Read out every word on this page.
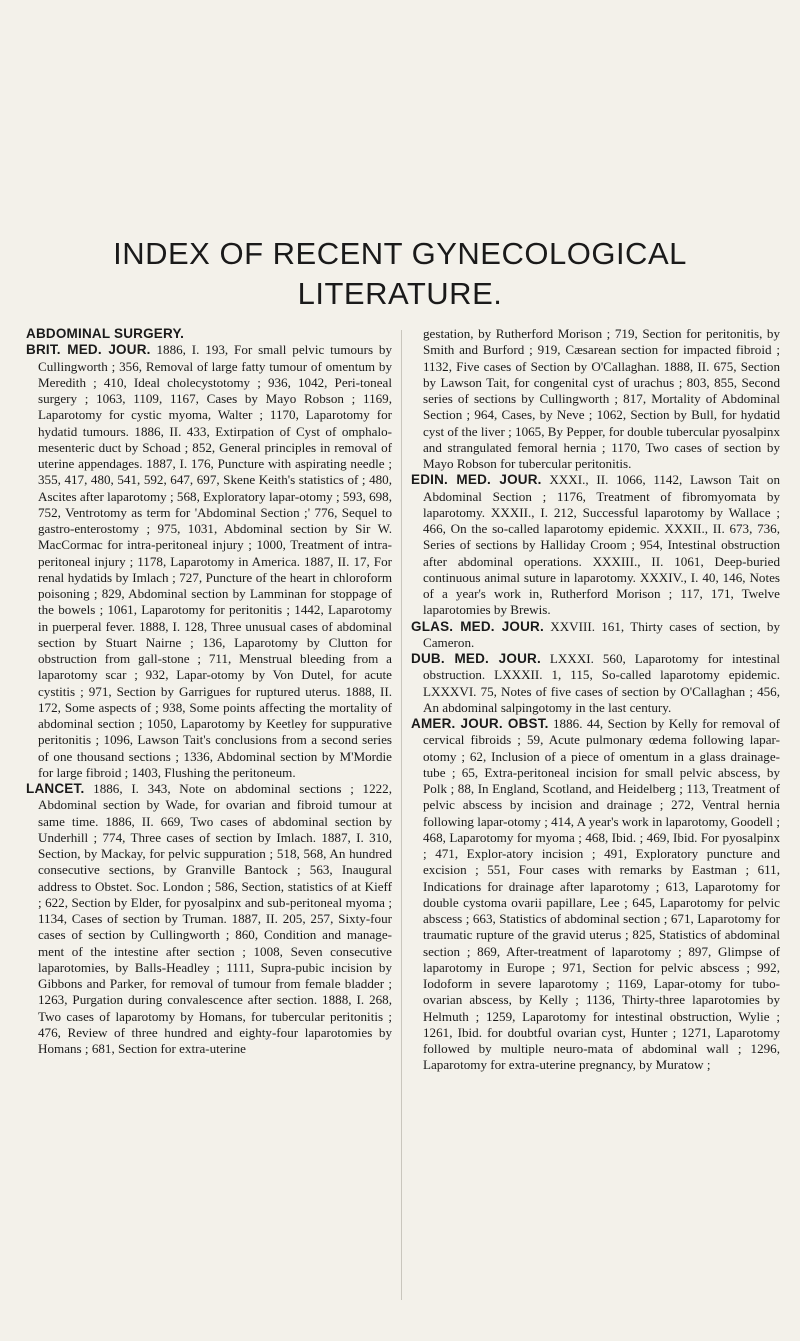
INDEX OF RECENT GYNECOLOGICAL
LITERATURE.

ABDOMINAL SURGERY.

BRIT. MED. JOUR. 1886, I. 193, For small pelvic tumours by Cullingworth ; 356, Removal of large fatty tumour of omentum by Meredith ; 410, Ideal cholecystotomy ; 936, 1042, Peri-toneal surgery ; 1063, 1109, 1167, Cases by Mayo Robson ; 1169, Laparotomy for cystic myoma, Walter ; 1170, Laparotomy for hydatid tumours. 1886, II. 433, Extirpation of Cyst of omphalo-mesenteric duct by Schoad ; 852, General principles in removal of uterine appendages. 1887, I. 176, Puncture with aspirating needle ; 355, 417, 480, 541, 592, 647, 697, Skene Keith's statistics of ; 480, Ascites after laparotomy ; 568, Exploratory lapar-otomy ; 593, 698, 752, Ventrotomy as term for 'Abdominal Section ;' 776, Sequel to gastro-enterostomy ; 975, 1031, Abdominal section by Sir W. MacCormac for intra-peritoneal injury ; 1000, Treatment of intra-peritoneal injury ; 1178, Laparotomy in America. 1887, II. 17, For renal hydatids by Imlach ; 727, Puncture of the heart in chloroform poisoning ; 829, Abdominal section by Lamminan for stoppage of the bowels ; 1061, Laparotomy for peritonitis ; 1442, Laparotomy in puerperal fever. 1888, I. 128, Three unusual cases of abdominal section by Stuart Nairne ; 136, Laparotomy by Clutton for obstruction from gall-stone ; 711, Menstrual bleeding from a laparotomy scar ; 932, Lapar-otomy by Von Dutel, for acute cystitis ; 971, Section by Garrigues for ruptured uterus. 1888, II. 172, Some aspects of ; 938, Some points affecting the mortality of abdominal section ; 1050, Laparotomy by Keetley for suppurative peritonitis ; 1096, Lawson Tait's conclusions from a second series of one thousand sections ; 1336, Abdominal section by M'Mordie for large fibroid ; 1403, Flushing the peritoneum.

LANCET. 1886, I. 343, Note on abdominal sections ; 1222, Abdominal section by Wade, for ovarian and fibroid tumour at same time. 1886, II. 669, Two cases of abdominal section by Underhill ; 774, Three cases of section by Imlach. 1887, I. 310, Section, by Mackay, for pelvic suppuration ; 518, 568, An hundred consecutive sections, by Granville Bantock ; 563, Inaugural address to Obstet. Soc. London ; 586, Section, statistics of at Kieff ; 622, Section by Elder, for pyosalpinx and sub-peritoneal myoma ; 1134, Cases of section by Truman. 1887, II. 205, 257, Sixty-four cases of section by Cullingworth ; 860, Condition and manage-ment of the intestine after section ; 1008, Seven consecutive laparotomies, by Balls-Headley ; 1111, Supra-pubic incision by Gibbons and Parker, for removal of tumour from female bladder ; 1263, Purgation during convalescence after section. 1888, I. 268, Two cases of laparotomy by Homans, for tubercular peritonitis ; 476, Review of three hundred and eighty-four laparotomies by Homans ; 681, Section for extra-uterine

gestation, by Rutherford Morison ; 719, Section for peritonitis, by Smith and Burford ; 919, Cæsarean section for impacted fibroid ; 1132, Five cases of Section by O'Callaghan. 1888, II. 675, Section by Lawson Tait, for congenital cyst of urachus ; 803, 855, Second series of sections by Cullingworth ; 817, Mortality of Abdominal Section ; 964, Cases, by Neve ; 1062, Section by Bull, for hydatid cyst of the liver ; 1065, By Pepper, for double tubercular pyosalpinx and strangulated femoral hernia ; 1170, Two cases of section by Mayo Robson for tubercular peritonitis.

EDIN. MED. JOUR. XXXI., II. 1066, 1142, Lawson Tait on Abdominal Section ; 1176, Treatment of fibromyomata by laparotomy. XXXII., I. 212, Successful laparotomy by Wallace ; 466, On the so-called laparotomy epidemic. XXXII., II. 673, 736, Series of sections by Halliday Croom ; 954, Intestinal obstruction after abdominal operations. XXXIII., II. 1061, Deep-buried continuous animal suture in laparotomy. XXXIV., I. 40, 146, Notes of a year's work in, Rutherford Morison ; 117, 171, Twelve laparotomies by Brewis.

GLAS. MED. JOUR. XXVIII. 161, Thirty cases of section, by Cameron.

DUB. MED. JOUR. LXXXI. 560, Laparotomy for intestinal obstruction. LXXXII. 1, 115, So-called laparotomy epidemic. LXXXVI. 75, Notes of five cases of section by O'Callaghan ; 456, An abdominal salpingotomy in the last century.

AMER. JOUR. OBST. 1886. 44, Section by Kelly for removal of cervical fibroids ; 59, Acute pulmonary œdema following lapar-otomy ; 62, Inclusion of a piece of omentum in a glass drainage-tube ; 65, Extra-peritoneal incision for small pelvic abscess, by Polk ; 88, In England, Scotland, and Heidelberg ; 113, Treatment of pelvic abscess by incision and drainage ; 272, Ventral hernia following lapar-otomy ; 414, A year's work in laparotomy, Goodell ; 468, Laparotomy for myoma ; 468, Ibid. ; 469, Ibid. For pyosalpinx ; 471, Explor-atory incision ; 491, Exploratory puncture and excision ; 551, Four cases with remarks by Eastman ; 611, Indications for drainage after laparotomy ; 613, Laparotomy for double cystoma ovarii papillare, Lee ; 645, Laparotomy for pelvic abscess ; 663, Statistics of abdominal section ; 671, Laparotomy for traumatic rupture of the gravid uterus ; 825, Statistics of abdominal section ; 869, After-treatment of laparotomy ; 897, Glimpse of laparotomy in Europe ; 971, Section for pelvic abscess ; 992, Iodoform in severe laparotomy ; 1169, Lapar-otomy for tubo-ovarian abscess, by Kelly ; 1136, Thirty-three laparotomies by Helmuth ; 1259, Laparotomy for intestinal obstruction, Wylie ; 1261, Ibid. for doubtful ovarian cyst, Hunter ; 1271, Laparotomy followed by multiple neuro-mata of abdominal wall ; 1296, Laparotomy for extra-uterine pregnancy, by Muratow ;
